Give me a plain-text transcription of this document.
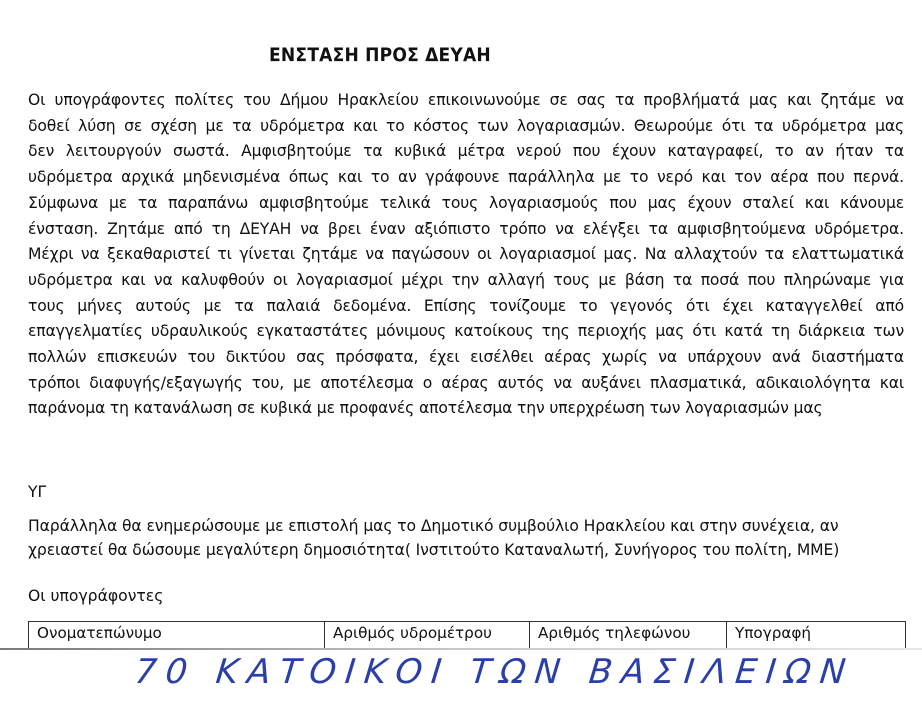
ΕΝΣΤΑΣΗ ΠΡΟΣ ΔΕΥΑΗ
Οι υπογράφοντες πολίτες του Δήμου Ηρακλείου επικοινωνούμε σε σας τα προβλήματά μας και ζητάμε να
δοθεί λύση σε σχέση με τα υδρόμετρα και το κόστος των λογαριασμών. Θεωρούμε ότι τα υδρόμετρα μας
δεν λειτουργούν σωστά. Αμφισβητούμε τα κυβικά μέτρα νερού που έχουν καταγραφεί, το αν ήταν τα
υδρόμετρα αρχικά μηδενισμένα όπως και το αν γράφουνε παράλληλα με το νερό και τον αέρα που περνά.
Σύμφωνα με τα παραπάνω αμφισβητούμε τελικά τους λογαριασμούς που μας έχουν σταλεί και κάνουμε
ένσταση. Ζητάμε από τη ΔΕΥΑΗ να βρει έναν αξιόπιστο τρόπο να ελέγξει τα αμφισβητούμενα υδρόμετρα.
Μέχρι να ξεκαθαριστεί τι γίνεται ζητάμε να παγώσουν οι λογαριασμοί μας. Να αλλαχτούν τα ελαττωματικά
υδρόμετρα και να καλυφθούν οι λογαριασμοί μέχρι την αλλαγή τους με βάση τα ποσά που πληρώναμε για
τους μήνες αυτούς με τα παλαιά δεδομένα. Επίσης τονίζουμε το γεγονός ότι έχει καταγγελθεί από
επαγγελματίες υδραυλικούς εγκαταστάτες μόνιμους κατοίκους της περιοχής μας ότι κατά τη διάρκεια των
πολλών επισκευών του δικτύου σας πρόσφατα, έχει εισέλθει αέρας χωρίς να υπάρχουν ανά διαστήματα
τρόποι διαφυγής/εξαγωγής του, με αποτέλεσμα ο αέρας αυτός να αυξάνει πλασματικά, αδικαιολόγητα και
παράνομα τη κατανάλωση σε κυβικά με προφανές αποτέλεσμα την υπερχρέωση των λογαριασμών μας
ΥΓ
Παράλληλα θα ενημερώσουμε με επιστολή μας το Δημοτικό συμβούλιο Ηρακλείου και στην συνέχεια, αν
χρειαστεί θα δώσουμε μεγαλύτερη δημοσιότητα( Ινστιτούτο Καταναλωτή, Συνήγορος του πολίτη, ΜΜΕ)
Οι υπογράφοντες
Ονοματεπώνυμο	Αριθμός υδρομέτρου	Αριθμός τηλεφώνου	Υπογραφή
70 ΚΑΤΟΙΚΟΙ ΤΩΝ ΒΑΣΙΛΕΙΩΝ
